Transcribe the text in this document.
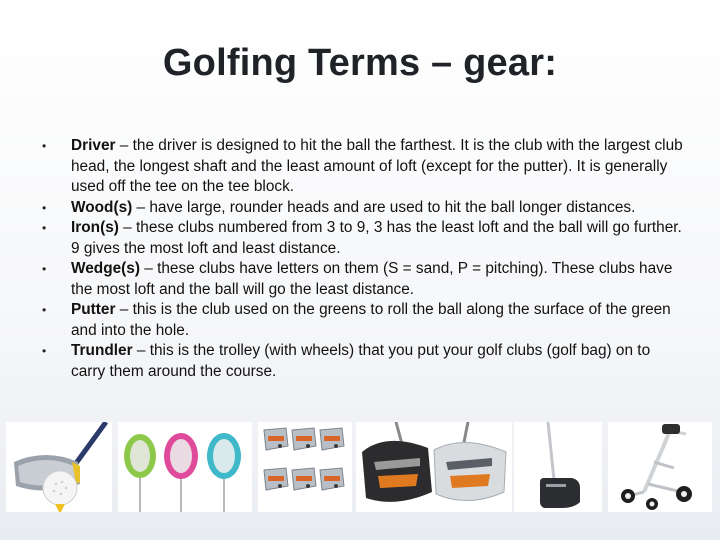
Golfing Terms – gear:
• Driver – the driver is designed to hit the ball the farthest. It is the club with the largest club head, the longest shaft and the least amount of loft (except for the putter). It is generally used off the tee on the tee block.
• Wood(s) – have large, rounder heads and are used to hit the ball longer distances.
• Iron(s) – these clubs numbered from 3 to 9, 3 has the least loft and the ball will go further. 9 gives the most loft and least distance.
• Wedge(s) – these clubs have letters on them (S = sand, P = pitching). These clubs have the most loft and the ball will go the least distance.
• Putter – this is the club used on the greens to roll the ball along the surface of the green and into the hole.
• Trundler – this is the trolley (with wheels) that you put your golf clubs (golf bag) on to carry them around the course.
